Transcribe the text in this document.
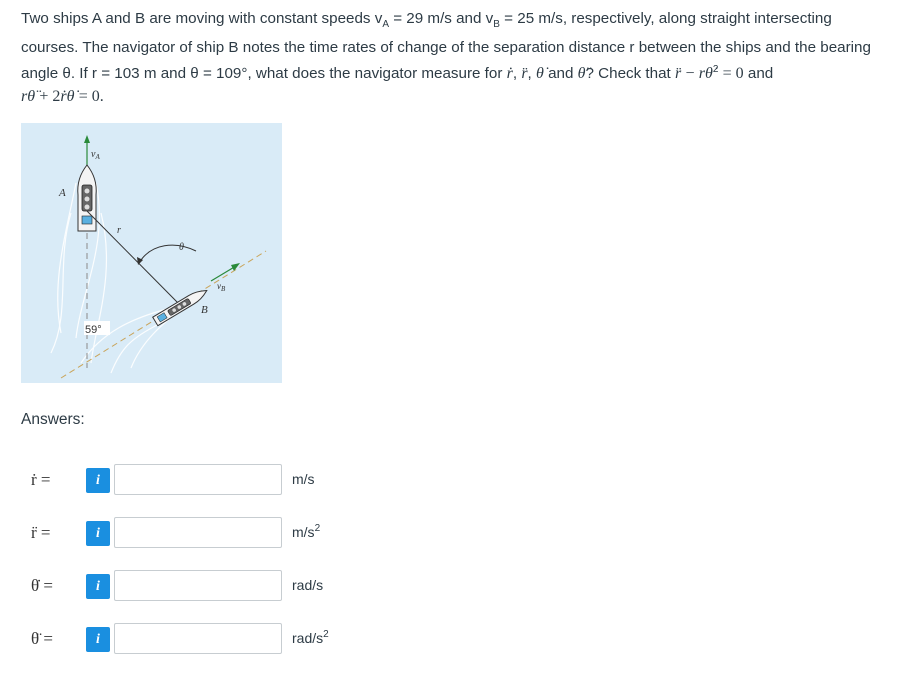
Two ships A and B are moving with constant speeds $v_A = 29$ m/s and $v_B = 25$ m/s, respectively, along straight intersecting
courses. The navigator of ship B notes the time rates of change of the separation distance r between the ships and the bearing
angle θ. If r = 103 m and θ = 109°, what does the navigator measure for ṙ, r̈, θ̇ and θ̈? Check that r̈ − rθ̇$^2$ = 0 and
rθ̈ + 2ṙθ̇ = 0.
$v_A$
A
r
θ
$v_B$
B
59°
Answers:
ṙ =	i	m/s
r̈ =	i	$m/s^2$
θ̇ =	i	rad/s
θ̈ =	i	rad/$s^2$
